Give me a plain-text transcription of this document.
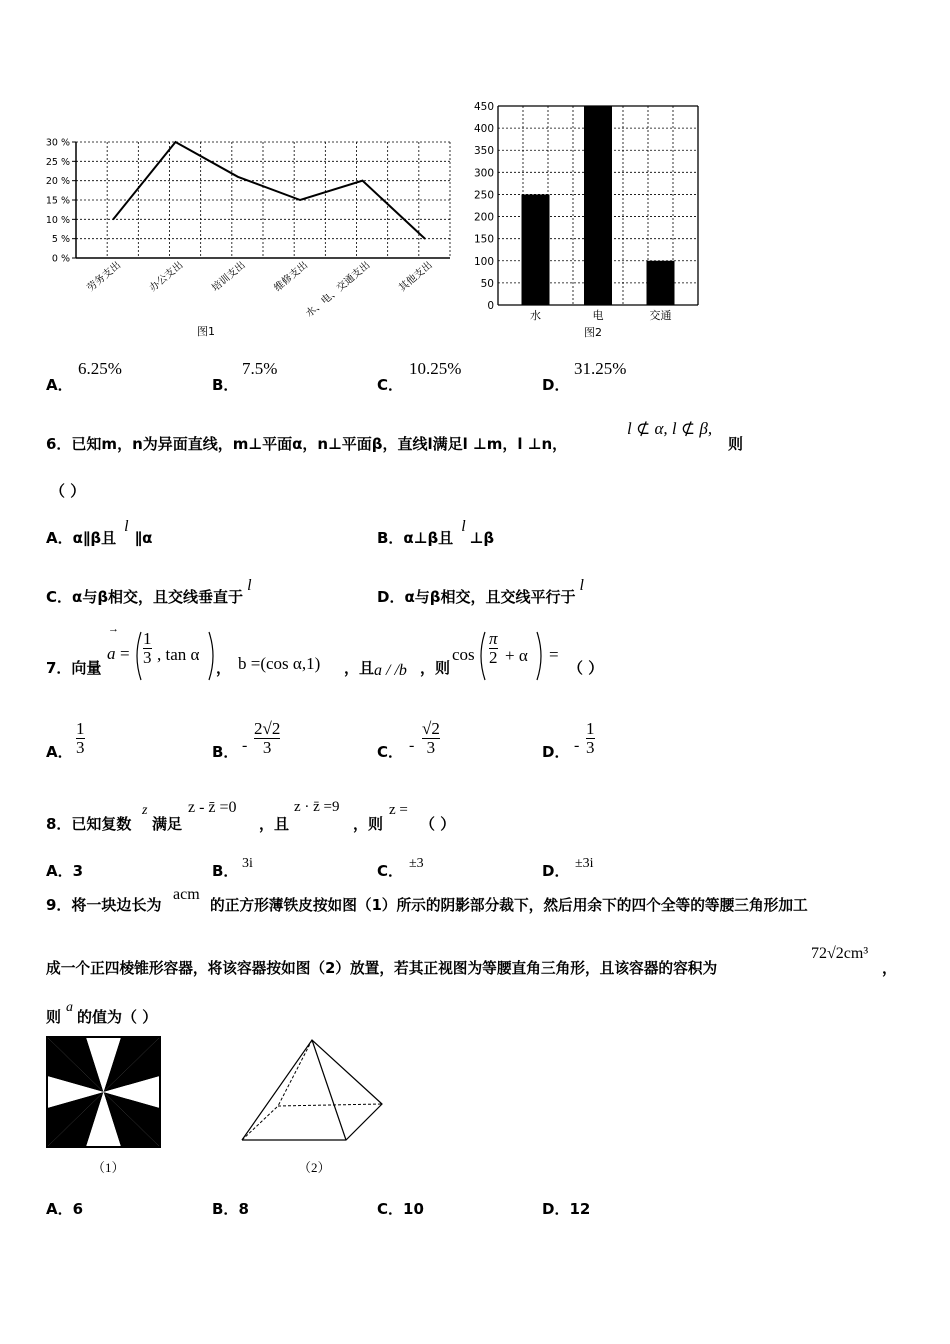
0 %
5 %
10 %
15 %
20 %
25 %
30 %
劳务支出 办公支出 培训支出 维修支出
水、电、交通支出 其他支出
图1
0
50
100
150
200
250
300
350
400
450
水	电	交通
图2
A．
6.25%
B．
7.5%
C．
10.25%
D．
31.25%
6．已知m，n为异面直线，m⊥平面α，n⊥平面β，直线l满足l ⊥m，l ⊥n，
l ⊄ α, l ⊄ β,
则
（ ）
A．α∥β且l∥α	B．α⊥β且l⊥β
C．α与β相交，且交线垂直于l
D．α与β相交，且交线平行于l
7．向量
→
a =
1
3 , tan α
， b =(cos α,1) ，且 a / /b ，则
cos
π
2 + α =
（ ）
A．
1
3	B． -
2√2
3	C． -
√2
3	D． -
1
3
8．已知复数
z
满足
z - z̄ =0
，且
z · z̄ =9
，则
z =
（ ）
A．3	B． 3i	C． ±3	D． ±3i
9．将一块边长为
acm
的正方形薄铁皮按如图（1）所示的阴影部分裁下，然后用余下的四个全等的等腰三角形加工
成一个正四棱锥形容器，将该容器按如图（2）放置，若其正视图为等腰直角三角形，且该容器的容积为
72√2cm³
，
则
a
的值为（ ）
（1）	（2）
A．6	B．8	C．10	D．12
